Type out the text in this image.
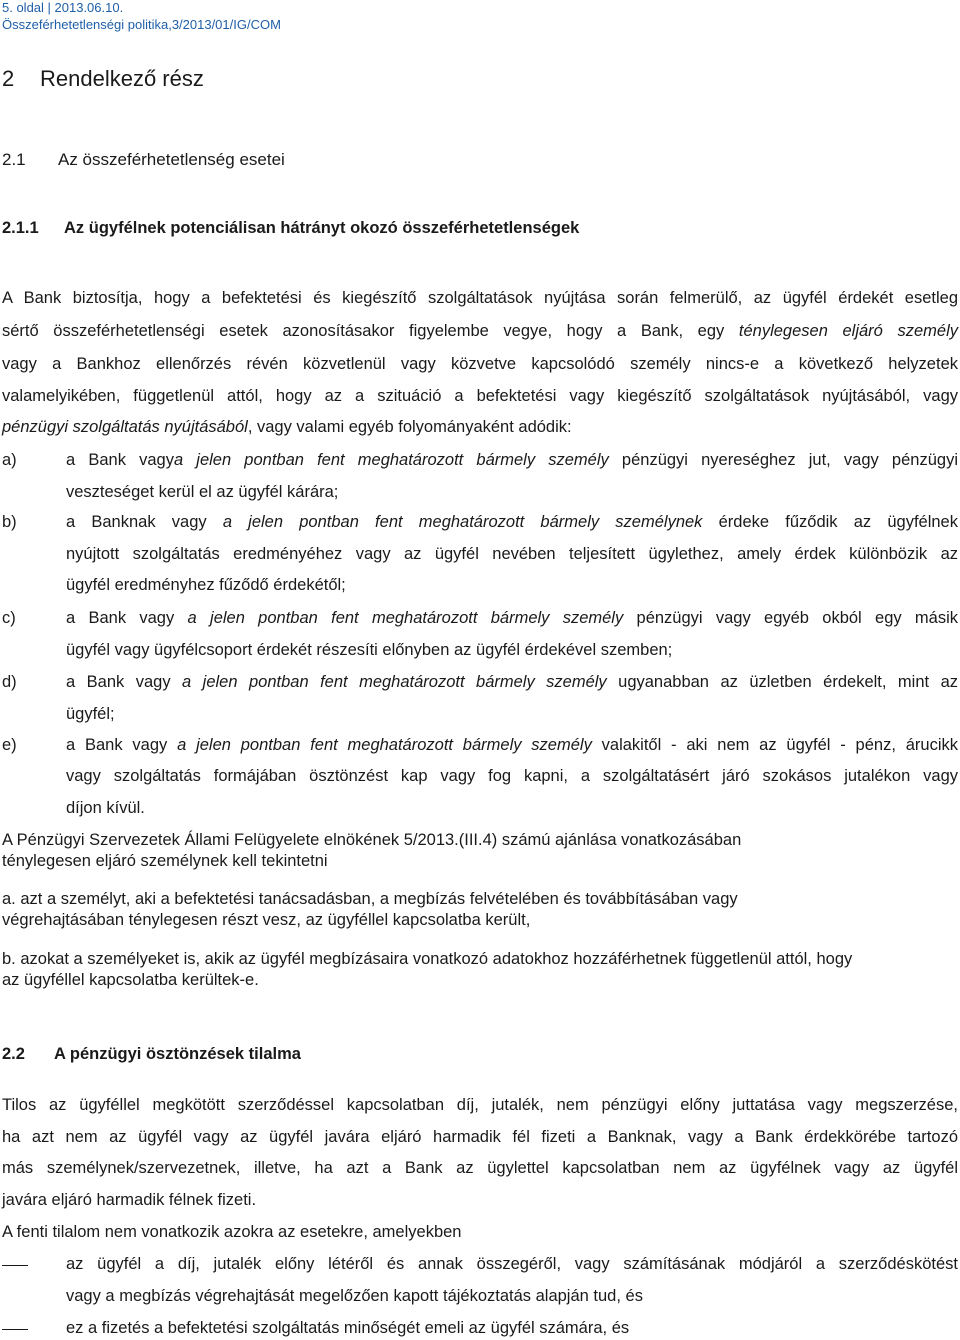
5. oldal | 2013.06.10.
Összeférhetetlenségi politika,3/2013/01/IG/COM
2 Rendelkező rész
2.1 Az összeférhetetlenség esetei
2.1.1 Az ügyfélnek potenciálisan hátrányt okozó összeférhetetlenségek
A Bank biztosítja, hogy a befektetési és kiegészítő szolgáltatások nyújtása során felmerülő, az ügyfél érdekét esetleg
sértő összeférhetetlenségi esetek azonosításakor figyelembe vegye, hogy a Bank, egy ténylegesen eljáró személy
vagy a Bankhoz ellenőrzés révén közvetlenül vagy közvetve kapcsolódó személy nincs-e a következő helyzetek
valamelyikében, függetlenül attól, hogy az a szituáció a befektetési vagy kiegészítő szolgáltatások nyújtásából, vagy
pénzügyi szolgáltatás nyújtásából, vagy valami egyéb folyományaként adódik:
a)	a Bank vagya jelen pontban fent meghatározott bármely személy pénzügyi nyereséghez jut, vagy pénzügyi
veszteséget kerül el az ügyfél kárára;
b)	a Banknak vagy a jelen pontban fent meghatározott bármely személynek érdeke fűződik az ügyfélnek
nyújtott szolgáltatás eredményéhez vagy az ügyfél nevében teljesített ügylethez, amely érdek különbözik az
ügyfél eredményhez fűződő érdekétől;
c)	a Bank vagy a jelen pontban fent meghatározott bármely személy pénzügyi vagy egyéb okból egy másik
ügyfél vagy ügyfélcsoport érdekét részesíti előnyben az ügyfél érdekével szemben;
d)	a Bank vagy a jelen pontban fent meghatározott bármely személy ugyanabban az üzletben érdekelt, mint az
ügyfél;
e)	a Bank vagy a jelen pontban fent meghatározott bármely személy valakitől - aki nem az ügyfél - pénz, árucikk
vagy szolgáltatás formájában ösztönzést kap vagy fog kapni, a szolgáltatásért járó szokásos jutalékon vagy
díjon kívül.
A Pénzügyi Szervezetek Állami Felügyelete elnökének 5/2013.(III.4) számú ajánlása vonatkozásában
ténylegesen eljáró személynek kell tekintetni
a. azt a személyt, aki a befektetési tanácsadásban, a megbízás felvételében és továbbításában vagy
végrehajtásában ténylegesen részt vesz, az ügyféllel kapcsolatba került,
b. azokat a személyeket is, akik az ügyfél megbízásaira vonatkozó adatokhoz hozzáférhetnek függetlenül attól, hogy
az ügyféllel kapcsolatba kerültek-e.
2.2 A pénzügyi ösztönzések tilalma
Tilos az ügyféllel megkötött szerződéssel kapcsolatban díj, jutalék, nem pénzügyi előny juttatása vagy megszerzése,
ha azt nem az ügyfél vagy az ügyfél javára eljáró harmadik fél fizeti a Banknak, vagy a Bank érdekkörébe tartozó
más személynek/szervezetnek, illetve, ha azt a Bank az ügylettel kapcsolatban nem az ügyfélnek vagy az ügyfél
javára eljáró harmadik félnek fizeti.
A fenti tilalom nem vonatkozik azokra az esetekre, amelyekben
az ügyfél a díj, jutalék előny létéről és annak összegéről, vagy számításának módjáról a szerződéskötést
vagy a megbízás végrehajtását megelőzően kapott tájékoztatás alapján tud, és
ez a fizetés a befektetési szolgáltatás minőségét emeli az ügyfél számára, és
